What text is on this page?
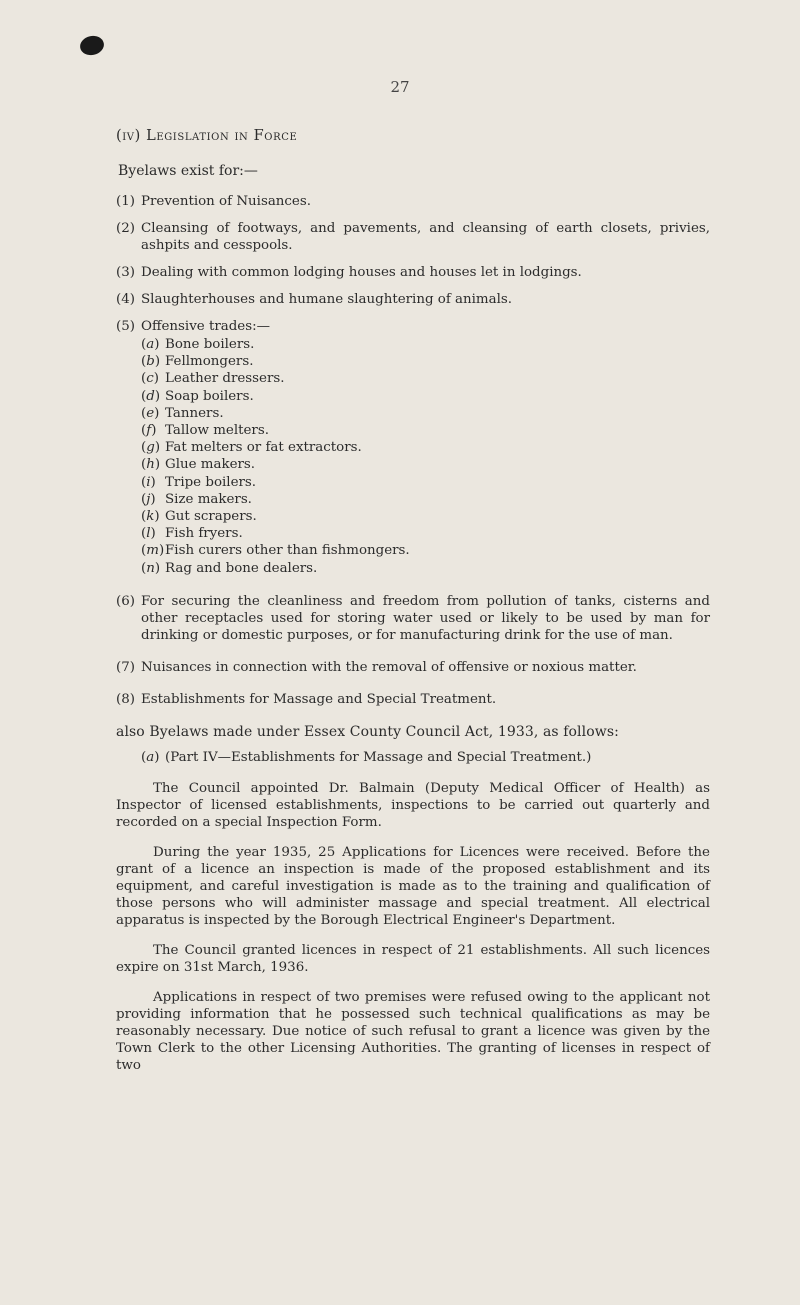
27
(iv) Legislation in Force
Byelaws exist for:—
(1) Prevention of Nuisances.
(2) Cleansing of footways, and pavements, and cleansing of earth closets, privies, ashpits and cesspools.
(3) Dealing with common lodging houses and houses let in lodgings.
(4) Slaughterhouses and humane slaughtering of animals.
(5) Offensive trades:—
(a) Bone boilers.
(b) Fellmongers.
(c) Leather dressers.
(d) Soap boilers.
(e) Tanners.
(f) Tallow melters.
(g) Fat melters or fat extractors.
(h) Glue makers.
(i) Tripe boilers.
(j) Size makers.
(k) Gut scrapers.
(l) Fish fryers.
(m) Fish curers other than fishmongers.
(n) Rag and bone dealers.
(6) For securing the cleanliness and freedom from pollution of tanks, cisterns and other receptacles used for storing water used or likely to be used by man for drinking or domestic purposes, or for manufacturing drink for the use of man.
(7) Nuisances in connection with the removal of offensive or noxious matter.
(8) Establishments for Massage and Special Treatment.
also Byelaws made under Essex County Council Act, 1933, as follows:
(a) (Part IV—Establishments for Massage and Special Treatment.)

The Council appointed Dr. Balmain (Deputy Medical Officer of Health) as Inspector of licensed establishments, inspections to be carried out quarterly and recorded on a special Inspection Form.

During the year 1935, 25 Applications for Licences were received. Before the grant of a licence an inspection is made of the proposed establishment and its equipment, and careful investigation is made as to the training and qualification of those persons who will administer massage and special treatment. All electrical apparatus is inspected by the Borough Electrical Engineer's Department.

The Council granted licences in respect of 21 establishments. All such licences expire on 31st March, 1936.

Applications in respect of two premises were refused owing to the applicant not providing information that he possessed such technical qualifications as may be reasonably necessary. Due notice of such refusal to grant a licence was given by the Town Clerk to the other Licensing Authorities. The granting of licenses in respect of two
